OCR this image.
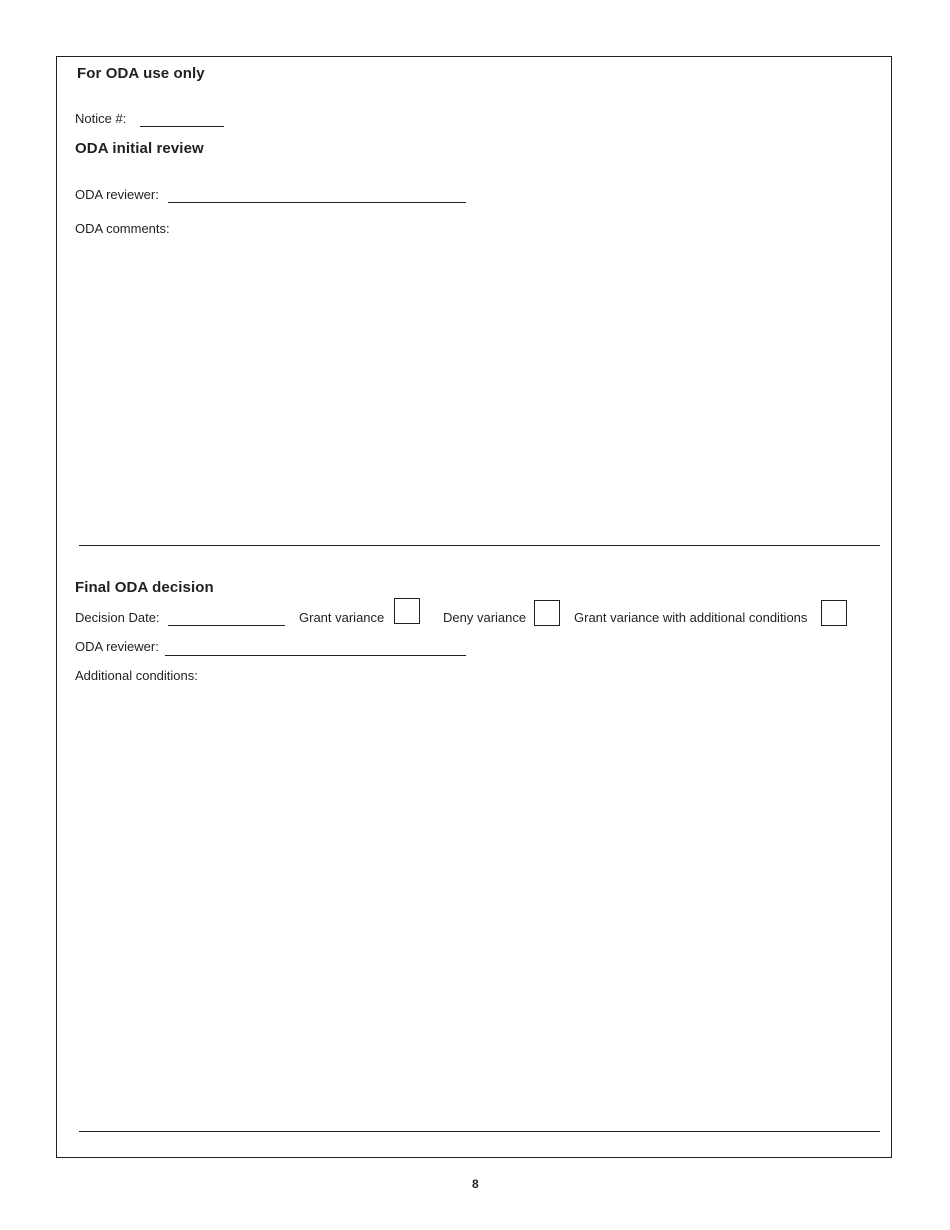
For ODA use only
Notice #:
ODA initial review
ODA reviewer:
ODA comments:
Final ODA decision
Decision Date:	Grant variance	Deny variance	Grant variance with additional conditions
ODA reviewer:
Additional conditions:
8
